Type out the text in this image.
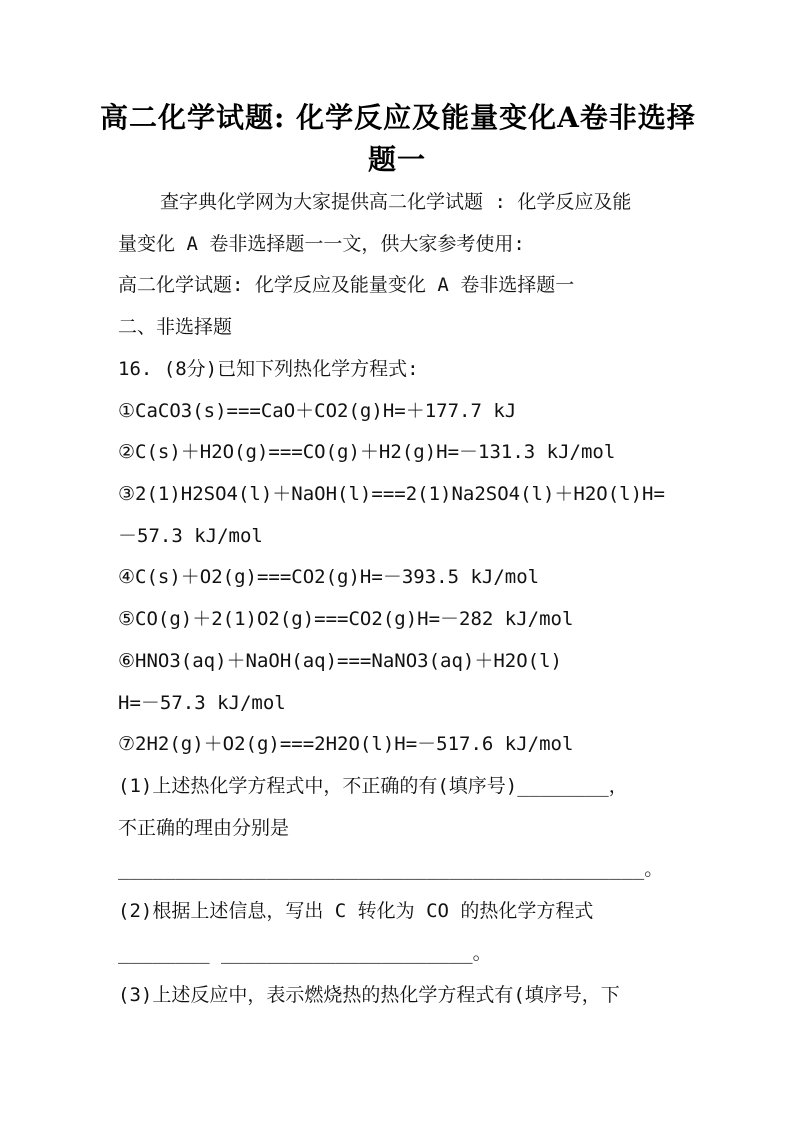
高二化学试题: 化学反应及能量变化A卷非选择
题一
查字典化学网为大家提供高二化学试题 : 化学反应及能
量变化 A 卷非选择题一一文，供大家参考使用:
高二化学试题: 化学反应及能量变化 A 卷非选择题一
二、非选择题
16. (8分)已知下列热化学方程式:
①CaCO3(s)===CaO＋CO2(g)H=＋177.7 kJ
②C(s)＋H2O(g)===CO(g)＋H2(g)H=－131.3 kJ/mol
③2(1)H2SO4(l)＋NaOH(l)===2(1)Na2SO4(l)＋H2O(l)H=
－57.3 kJ/mol
④C(s)＋O2(g)===CO2(g)H=－393.5 kJ/mol
⑤CO(g)＋2(1)O2(g)===CO2(g)H=－282 kJ/mol
⑥HNO3(aq)＋NaOH(aq)===NaNO3(aq)＋H2O(l)
H=－57.3 kJ/mol
⑦2H2(g)＋O2(g)===2H2O(l)H=－517.6 kJ/mol
(1)上述热化学方程式中，不正确的有(填序号)________，
不正确的理由分别是
______________________________________________。
(2)根据上述信息，写出 C 转化为 CO 的热化学方程式
________ ______________________。
(3)上述反应中，表示燃烧热的热化学方程式有(填序号，下
